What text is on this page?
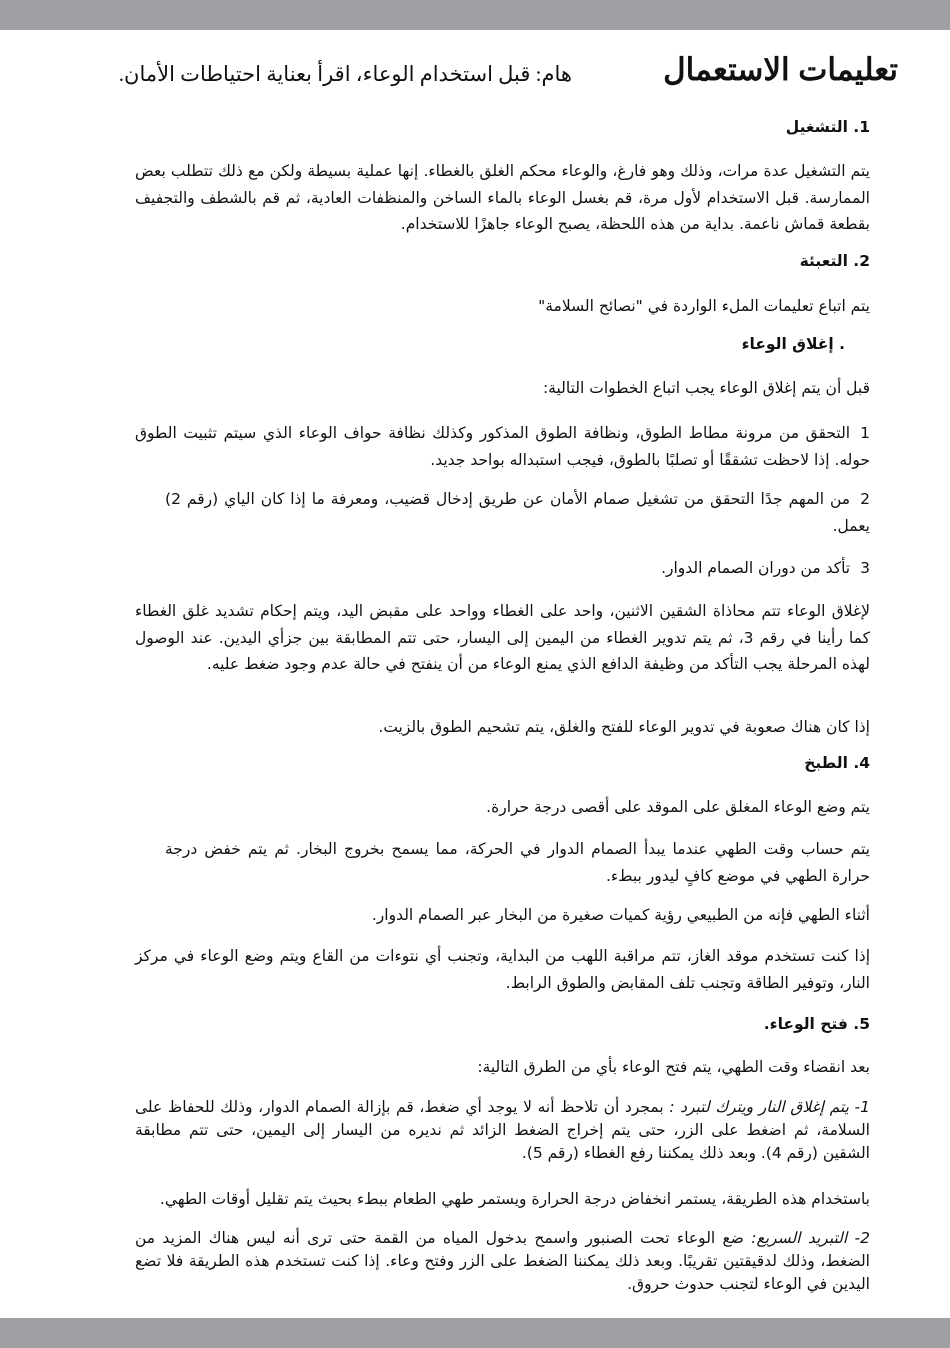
تعليمات الاستعمال
هام: قبل استخدام الوعاء، اقرأ بعناية احتياطات الأمان.
1. التشغيل
يتم التشغيل عدة مرات، وذلك وهو فارغ، والوعاء محكم الغلق بالغطاء. إنها عملية بسيطة ولكن مع ذلك تتطلب بعض الممارسة. قبل الاستخدام لأول مرة، قم بغسل الوعاء بالماء الساخن والمنظفات العادية، ثم قم بالشطف والتجفيف بقطعة قماش ناعمة. بداية من هذه اللحظة، يصبح الوعاء جاهزًا للاستخدام.
2. التعبئة
يتم اتباع تعليمات الملء الواردة في "نصائح السلامة"
. إغلاق الوعاء
قبل أن يتم إغلاق الوعاء يجب اتباع الخطوات التالية:
1التحقق من مرونة مطاط الطوق، ونظافة الطوق المذكور وكذلك نظافة حواف الوعاء الذي سيتم تثبيت الطوق حوله. إذا لاحظت تشققًا أو تصلبًا بالطوق، فيجب استبداله بواحد جديد.
2من المهم جدًا التحقق من تشغيل صمام الأمان عن طريق إدخال قضيب، ومعرفة ما إذا كان الياي (رقم 2) يعمل.
3تأكد من دوران الصمام الدوار.
لإغلاق الوعاء تتم محاذاة الشقين الاثنين، واحد على الغطاء وواحد على مقبض اليد، ويتم إحكام تشديد غلق الغطاء كما رأينا في رقم 3، ثم يتم تدوير الغطاء من اليمين إلى اليسار، حتى تتم المطابقة بين جزأي اليدين. عند الوصول لهذه المرحلة يجب التأكد من وظيفة الدافع الذي يمنع الوعاء من أن ينفتح في حالة عدم وجود ضغط عليه.
إذا كان هناك صعوبة في تدوير الوعاء للفتح والغلق، يتم تشحيم الطوق بالزيت.
4. الطبخ
يتم وضع الوعاء المغلق على الموقد على أقصى درجة حرارة.
يتم حساب وقت الطهي عندما يبدأ الصمام الدوار في الحركة، مما يسمح بخروج البخار. ثم يتم خفض درجة حرارة الطهي في موضع كافٍ ليدور ببطء.
أثناء الطهي فإنه من الطبيعي رؤية كميات صغيرة من البخار عبر الصمام الدوار.
إذا كنت تستخدم موقد الغاز، تتم مراقبة اللهب من البداية، وتجنب أي نتوءات من القاع ويتم وضع الوعاء في مركز النار، وتوفير الطاقة وتجنب تلف المقابض والطوق الرابط.
5. فتح الوعاء.
بعد انقضاء وقت الطهي، يتم فتح الوعاء بأي من الطرق التالية:
1- يتم إغلاق النار ويترك لتبرد : بمجرد أن تلاحظ أنه لا يوجد أي ضغط، قم بإزالة الصمام الدوار، وذلك للحفاظ على السلامة، ثم اضغط على الزر، حتى يتم إخراج الضغط الزائد ثم نديره من اليسار إلى اليمين، حتى تتم مطابقة الشقين (رقم 4). وبعد ذلك يمكننا رفع الغطاء (رقم 5).
باستخدام هذه الطريقة، يستمر انخفاض درجة الحرارة ويستمر طهي الطعام ببطء بحيث يتم تقليل أوقات الطهي.
2- التبريد السريع: ضع الوعاء تحت الصنبور واسمح بدخول المياه من القمة حتى ترى أنه ليس هناك المزيد من الضغط، وذلك لدقيقتين تقريبًا. وبعد ذلك يمكننا الضغط على الزر وفتح وعاء. إذا كنت تستخدم هذه الطريقة فلا تضع اليدين في الوعاء لتجنب حدوث حروق.
